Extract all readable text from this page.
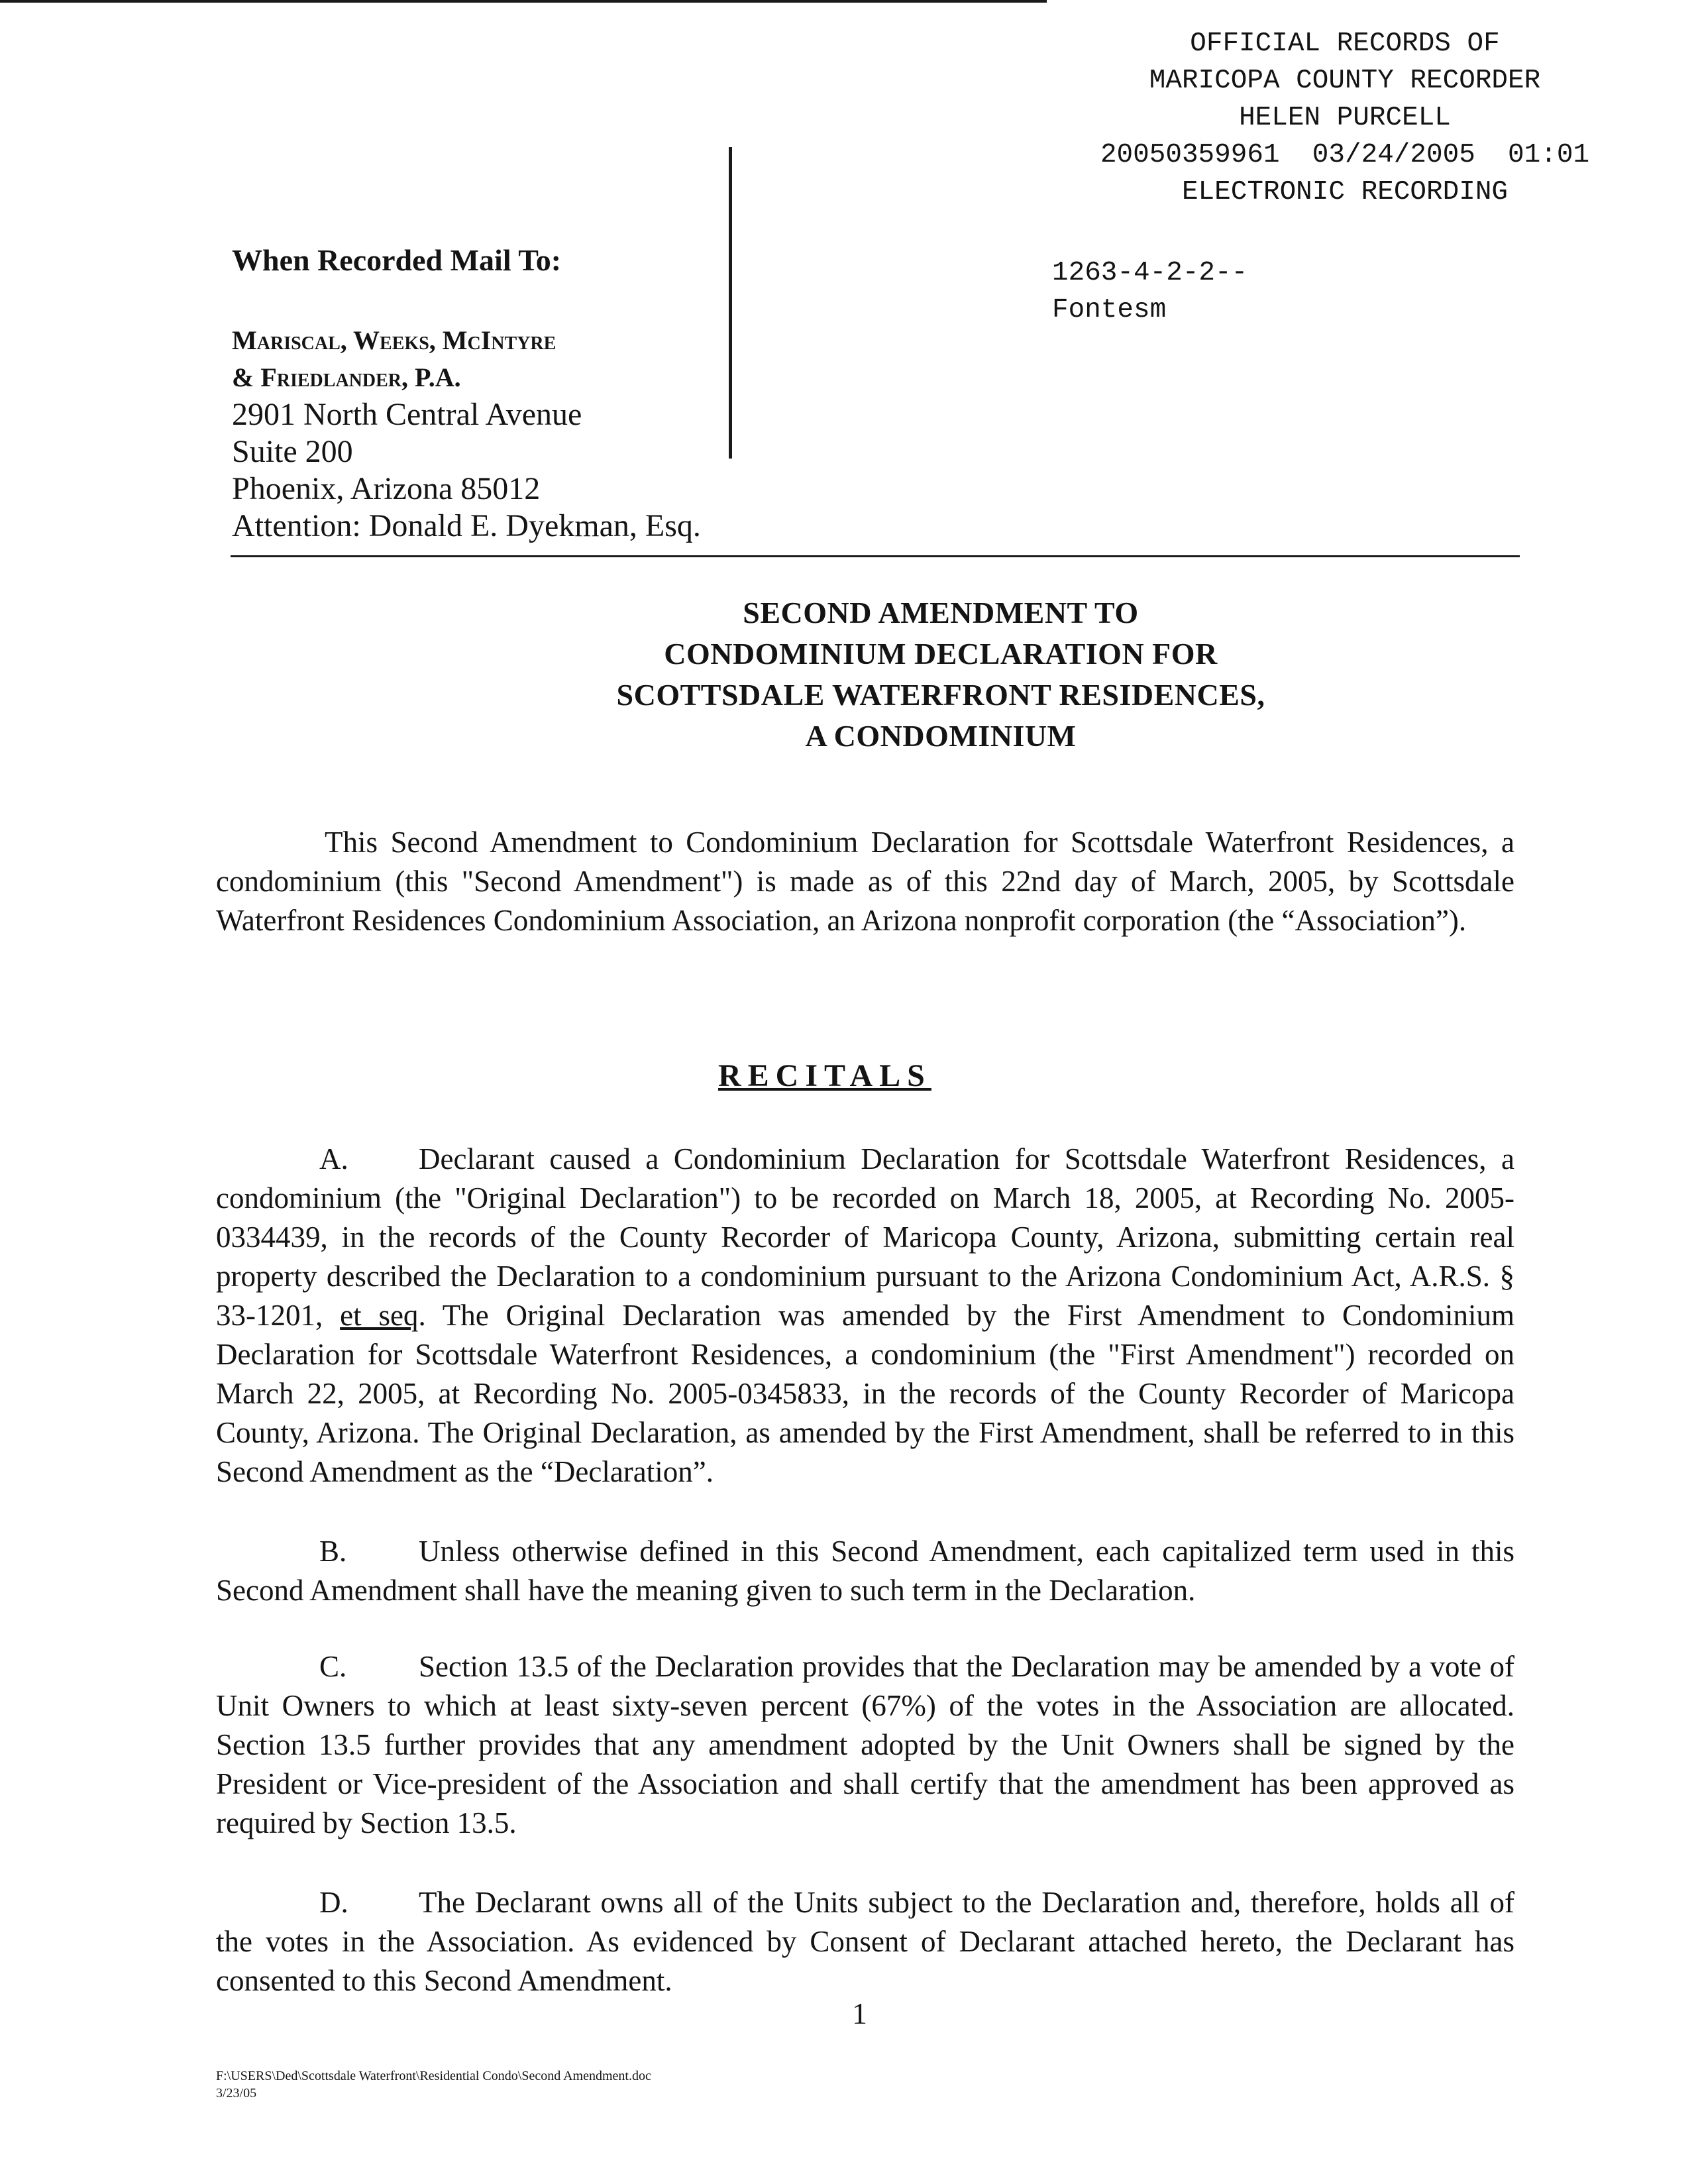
OFFICIAL RECORDS OF
MARICOPA COUNTY RECORDER
HELEN PURCELL
20050359961  03/24/2005  01:01
ELECTRONIC RECORDING
1263-4-2-2--
Fontesm
When Recorded Mail To:
Mariscal, Weeks, McIntyre
& Friedlander, P.A.
2901 North Central Avenue
Suite 200
Phoenix, Arizona 85012
Attention: Donald E. Dyekman, Esq.
SECOND AMENDMENT TO
CONDOMINIUM DECLARATION FOR
SCOTTSDALE WATERFRONT RESIDENCES,
A CONDOMINIUM
This Second Amendment to Condominium Declaration for Scottsdale Waterfront Residences, a condominium (this "Second Amendment") is made as of this 22nd day of March, 2005, by Scottsdale Waterfront Residences Condominium Association, an Arizona nonprofit corporation (the “Association”).
RECITALS
A. Declarant caused a Condominium Declaration for Scottsdale Waterfront Residences, a condominium (the "Original Declaration") to be recorded on March 18, 2005, at Recording No. 2005-0334439, in the records of the County Recorder of Maricopa County, Arizona, submitting certain real property described the Declaration to a condominium pursuant to the Arizona Condominium Act, A.R.S. § 33-1201, et seq. The Original Declaration was amended by the First Amendment to Condominium Declaration for Scottsdale Waterfront Residences, a condominium (the "First Amendment") recorded on March 22, 2005, at Recording No. 2005-0345833, in the records of the County Recorder of Maricopa County, Arizona. The Original Declaration, as amended by the First Amendment, shall be referred to in this Second Amendment as the “Declaration”.
B. Unless otherwise defined in this Second Amendment, each capitalized term used in this Second Amendment shall have the meaning given to such term in the Declaration.
C. Section 13.5 of the Declaration provides that the Declaration may be amended by a vote of Unit Owners to which at least sixty-seven percent (67%) of the votes in the Association are allocated. Section 13.5 further provides that any amendment adopted by the Unit Owners shall be signed by the President or Vice-president of the Association and shall certify that the amendment has been approved as required by Section 13.5.
D. The Declarant owns all of the Units subject to the Declaration and, therefore, holds all of the votes in the Association. As evidenced by Consent of Declarant attached hereto, the Declarant has consented to this Second Amendment.
1
F:\USERS\Ded\Scottsdale Waterfront\Residential Condo\Second Amendment.doc
3/23/05
